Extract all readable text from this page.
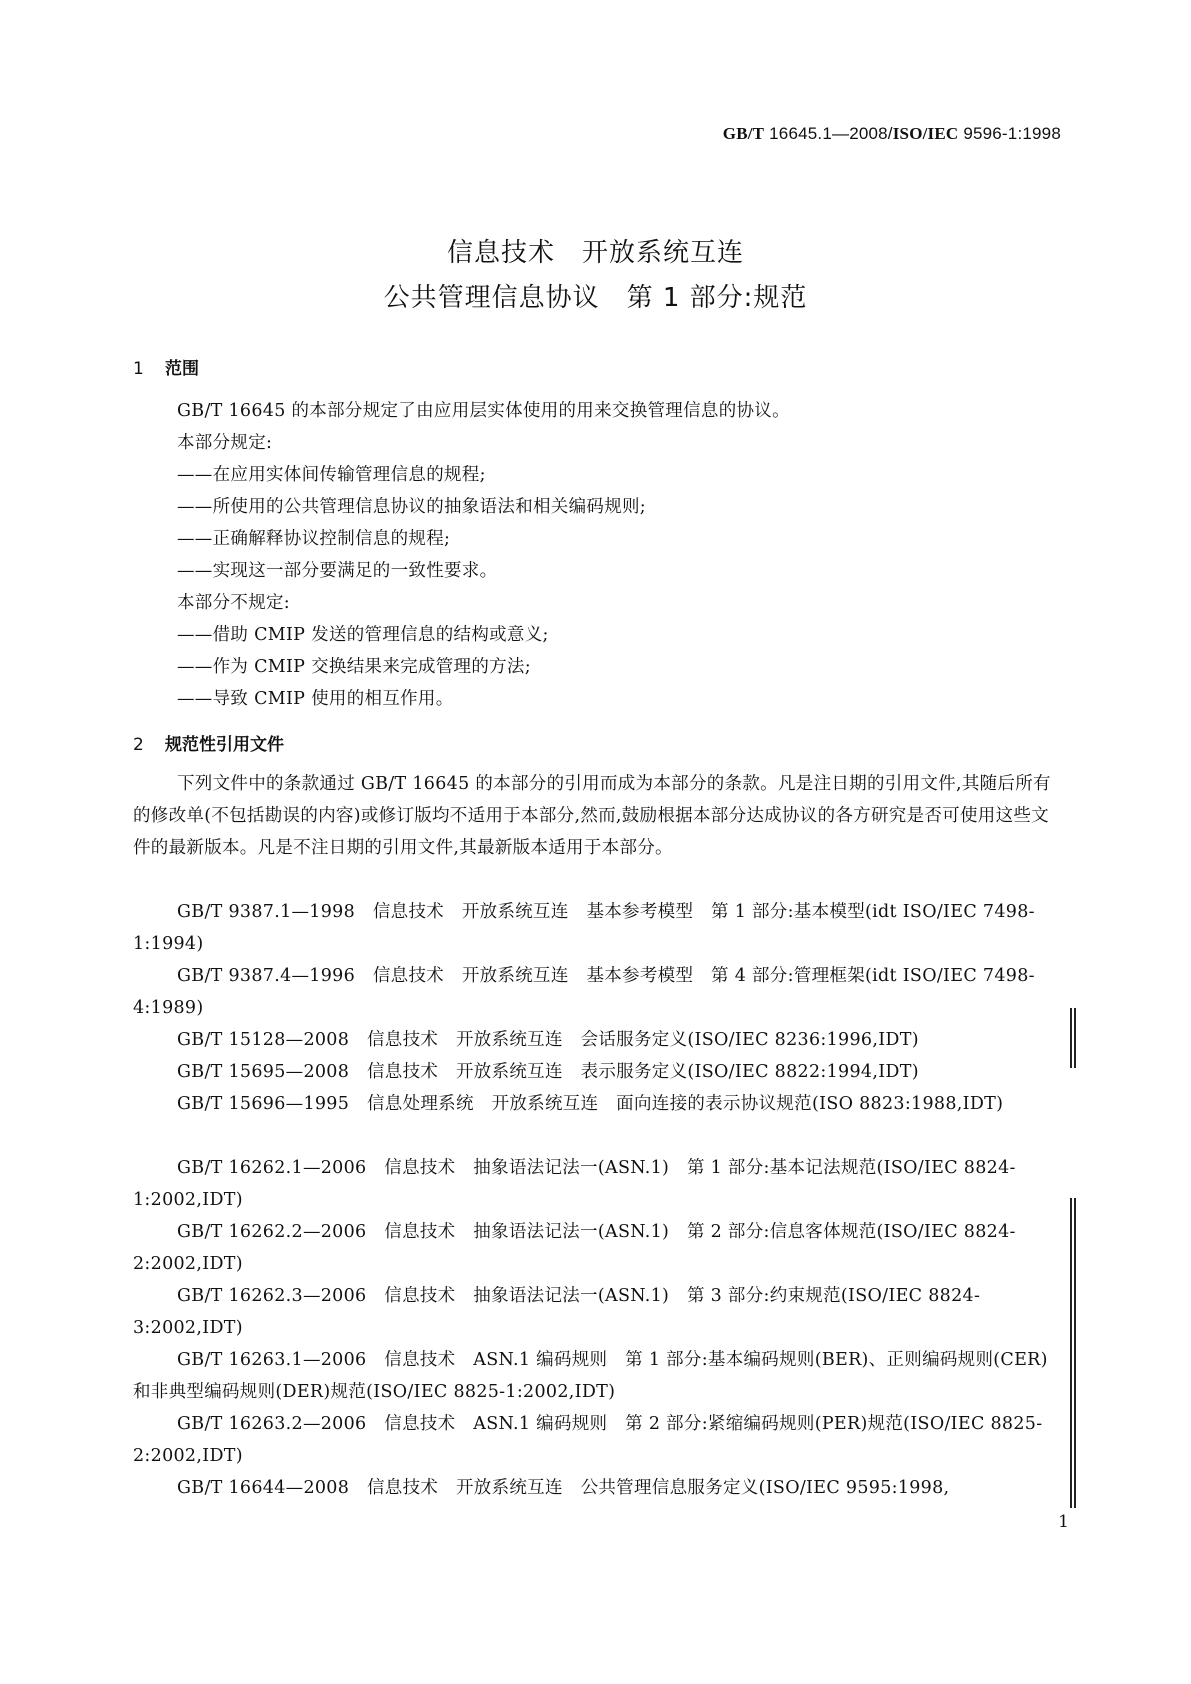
GB/T 16645.1—2008/ISO/IEC 9596-1:1998
信息技术　开放系统互连
公共管理信息协议　第 1 部分:规范
1 范围
GB/T 16645 的本部分规定了由应用层实体使用的用来交换管理信息的协议。
本部分规定:
——在应用实体间传输管理信息的规程;
——所使用的公共管理信息协议的抽象语法和相关编码规则;
——正确解释协议控制信息的规程;
——实现这一部分要满足的一致性要求。
本部分不规定:
——借助 CMIP 发送的管理信息的结构或意义;
——作为 CMIP 交换结果来完成管理的方法;
——导致 CMIP 使用的相互作用。
2 规范性引用文件

下列文件中的条款通过 GB/T 16645 的本部分的引用而成为本部分的条款。凡是注日期的引用文件,其随后所有的修改单(不包括勘误的内容)或修订版均不适用于本部分,然而,鼓励根据本部分达成协议的各方研究是否可使用这些文件的最新版本。凡是不注日期的引用文件,其最新版本适用于本部分。

GB/T 9387.1—1998　信息技术　开放系统互连　基本参考模型　第 1 部分:基本模型(idt ISO/IEC 7498-1:1994)

GB/T 9387.4—1996　信息技术　开放系统互连　基本参考模型　第 4 部分:管理框架(idt ISO/IEC 7498-4:1989)

GB/T 15128—2008　信息技术　开放系统互连　会话服务定义(ISO/IEC 8236:1996,IDT)

GB/T 15695—2008　信息技术　开放系统互连　表示服务定义(ISO/IEC 8822:1994,IDT)

GB/T 15696—1995　信息处理系统　开放系统互连　面向连接的表示协议规范(ISO 8823:1988,IDT)

GB/T 16262.1—2006　信息技术　抽象语法记法一(ASN.1)　第 1 部分:基本记法规范(ISO/IEC 8824-1:2002,IDT)

GB/T 16262.2—2006　信息技术　抽象语法记法一(ASN.1)　第 2 部分:信息客体规范(ISO/IEC 8824-2:2002,IDT)

GB/T 16262.3—2006　信息技术　抽象语法记法一(ASN.1)　第 3 部分:约束规范(ISO/IEC 8824-3:2002,IDT)

GB/T 16263.1—2006　信息技术　ASN.1 编码规则　第 1 部分:基本编码规则(BER)、正则编码规则(CER)和非典型编码规则(DER)规范(ISO/IEC 8825-1:2002,IDT)

GB/T 16263.2—2006　信息技术　ASN.1 编码规则　第 2 部分:紧缩编码规则(PER)规范(ISO/IEC 8825-2:2002,IDT)

GB/T 16644—2008　信息技术　开放系统互连　公共管理信息服务定义(ISO/IEC 9595:1998,

1
